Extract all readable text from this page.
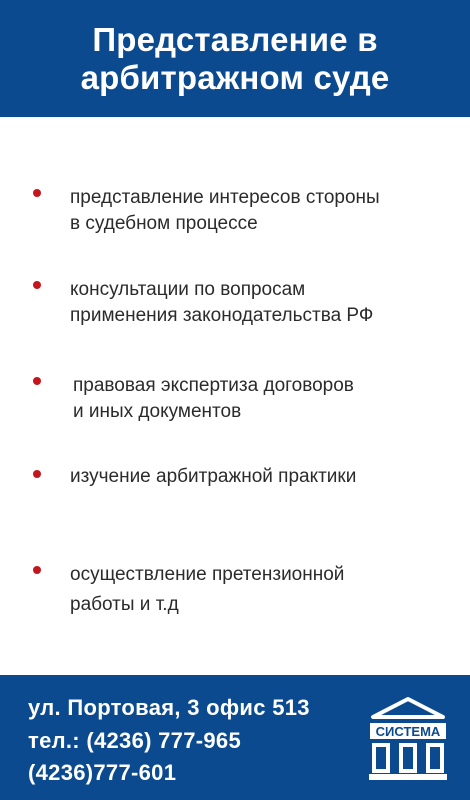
Представление в
арбитражном суде
представление интересов стороны
в судебном процессе
консультации по вопросам
применения законодательства РФ
правовая экспертиза договоров
и иных документов
изучение арбитражной практики
осуществление претензионной
работы и т.д
ул. Портовая, 3 офис 513
тел.: (4236) 777-965
(4236)777-601
СИСТЕМА
